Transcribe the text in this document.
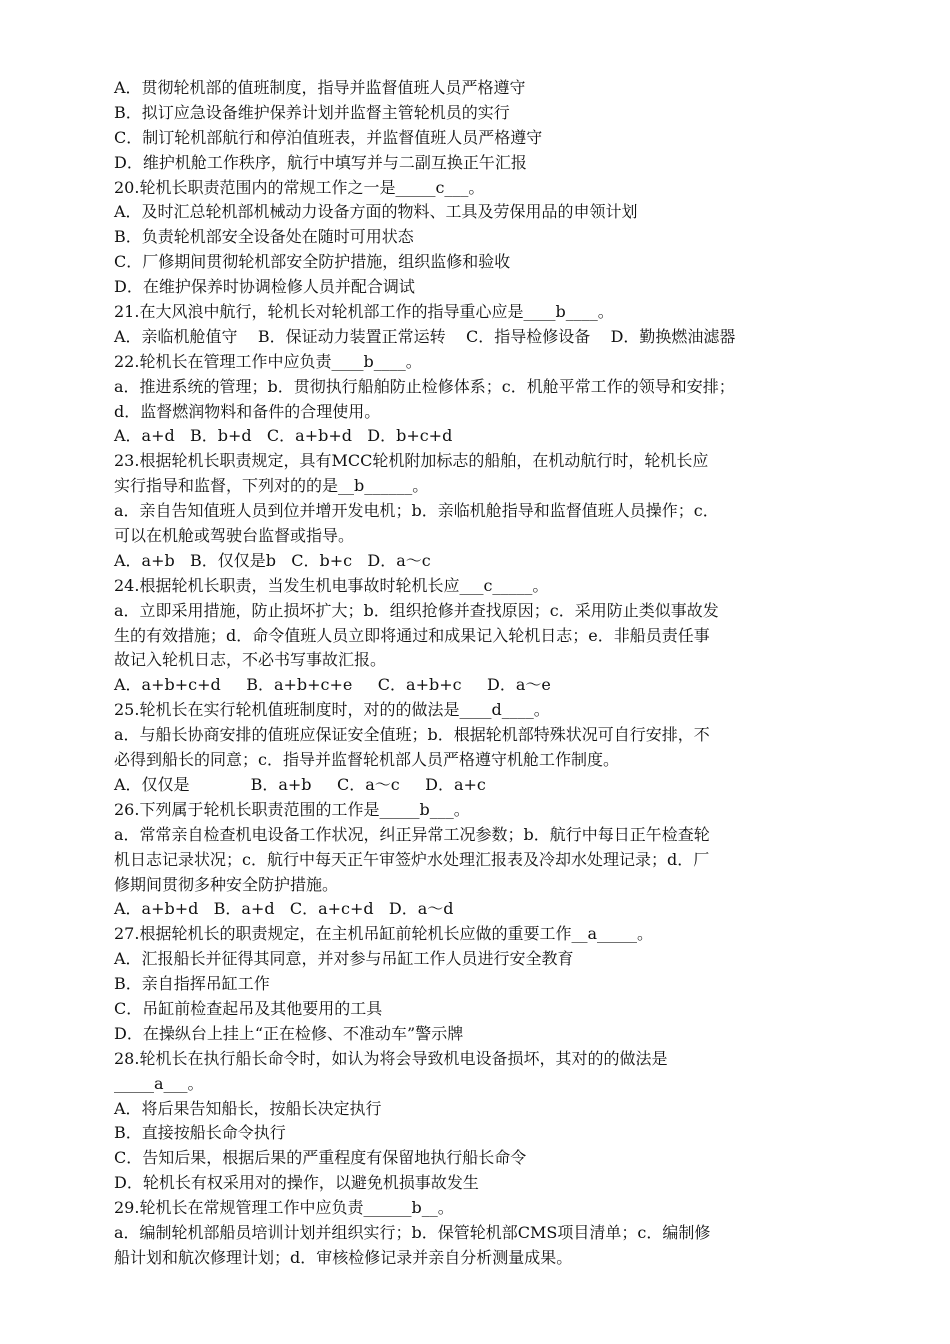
A．贯彻轮机部的值班制度，指导并监督值班人员严格遵守
B．拟订应急设备维护保养计划并监督主管轮机员的实行
C．制订轮机部航行和停泊值班表，并监督值班人员严格遵守
D．维护机舱工作秩序，航行中填写并与二副互换正午汇报
20.轮机长职责范围内的常规工作之一是_____c___。
A．及时汇总轮机部机械动力设备方面的物料、工具及劳保用品的申领计划
B．负责轮机部安全设备处在随时可用状态
C．厂修期间贯彻轮机部安全防护措施，组织监修和验收
D．在维护保养时协调检修人员并配合调试
21.在大风浪中航行，轮机长对轮机部工作的指导重心应是____b____。
A．亲临机舱值守    B．保证动力装置正常运转    C．指导检修设备    D．勤换燃油滤器
22.轮机长在管理工作中应负责____b____。
a．推进系统的管理；b．贯彻执行船舶防止检修体系；c．机舱平常工作的领导和安排；
d．监督燃润物料和备件的合理使用。
A．a+d   B．b+d   C．a+b+d   D．b+c+d
23.根据轮机长职责规定，具有MCC轮机附加标志的船舶，在机动航行时，轮机长应
实行指导和监督，下列对的的是__b______。
a．亲自告知值班人员到位并增开发电机；b．亲临机舱指导和监督值班人员操作；c．
可以在机舱或驾驶台监督或指导。
A．a+b   B．仅仅是b   C．b+c   D．a～c
24.根据轮机长职责，当发生机电事故时轮机长应___c_____。
a．立即采用措施，防止损坏扩大；b．组织抢修并查找原因；c．采用防止类似事故发
生的有效措施；d．命令值班人员立即将通过和成果记入轮机日志；e．非船员责任事
故记入轮机日志，不必书写事故汇报。
A．a+b+c+d     B．a+b+c+e     C．a+b+c     D．a～e
25.轮机长在实行轮机值班制度时，对的的做法是____d____。
a．与船长协商安排的值班应保证安全值班；b．根据轮机部特殊状况可自行安排，不
必得到船长的同意；c．指导并监督轮机部人员严格遵守机舱工作制度。
A．仅仅是            B．a+b     C．a～c     D．a+c
26.下列属于轮机长职责范围的工作是_____b___。
a．常常亲自检查机电设备工作状况，纠正异常工况参数；b．航行中每日正午检查轮
机日志记录状况；c．航行中每天正午审签炉水处理汇报表及冷却水处理记录；d．厂
修期间贯彻多种安全防护措施。
A．a+b+d   B．a+d   C．a+c+d   D．a～d
27.根据轮机长的职责规定，在主机吊缸前轮机长应做的重要工作__a_____。
A．汇报船长并征得其同意，并对参与吊缸工作人员进行安全教育
B．亲自指挥吊缸工作
C．吊缸前检查起吊及其他要用的工具
D．在操纵台上挂上“正在检修、不准动车”警示牌
28.轮机长在执行船长命令时，如认为将会导致机电设备损坏，其对的的做法是
_____a___。
A．将后果告知船长，按船长决定执行
B．直接按船长命令执行
C．告知后果，根据后果的严重程度有保留地执行船长命令
D．轮机长有权采用对的操作，以避免机损事故发生
29.轮机长在常规管理工作中应负责______b__。
a．编制轮机部船员培训计划并组织实行；b．保管轮机部CMS项目清单；c．编制修
船计划和航次修理计划；d．审核检修记录并亲自分析测量成果。
